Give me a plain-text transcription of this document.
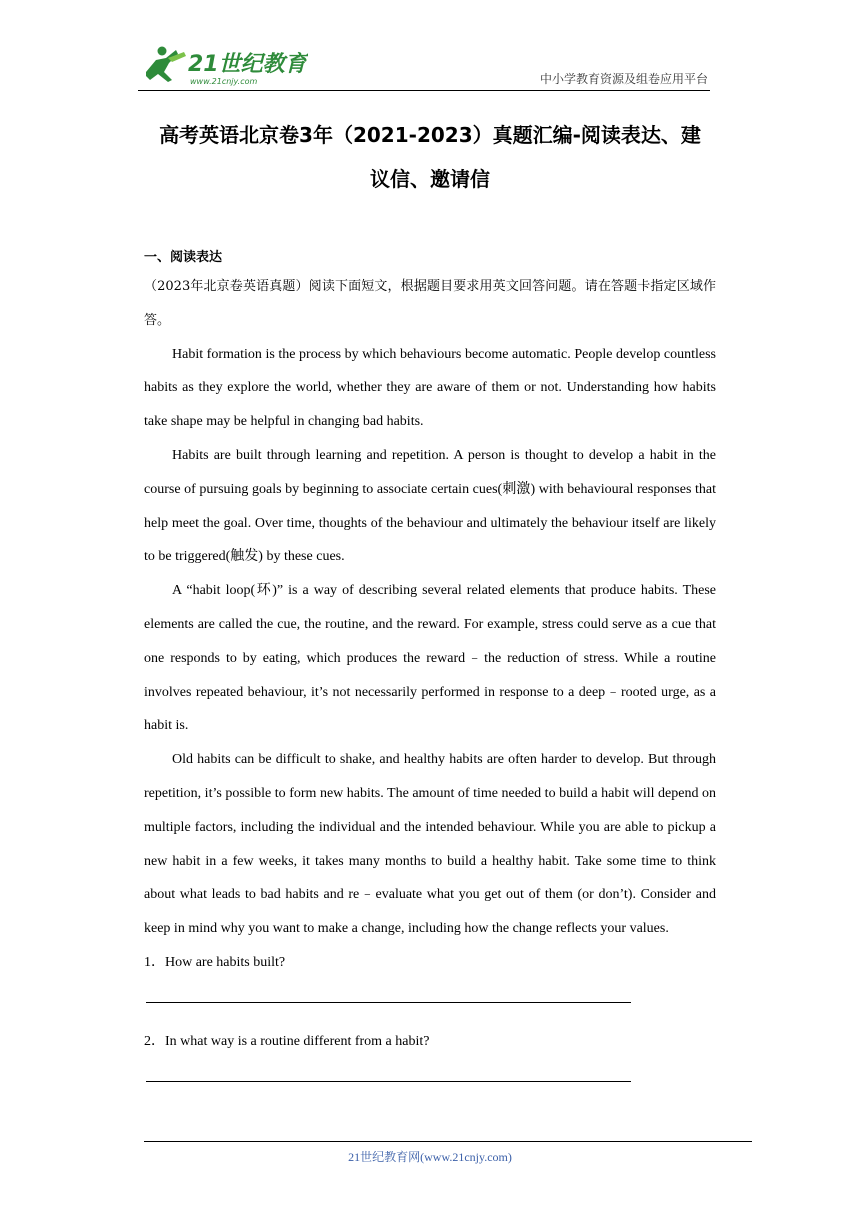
21世纪教育
www.21cnjy.com	中小学教育资源及组卷应用平台
高考英语北京卷3年（2021-2023）真题汇编-阅读表达、建
议信、邀请信
一、阅读表达

（2023年北京卷英语真题）阅读下面短文，根据题目要求用英文回答问题。请在答题卡指定区域作答。

Habit formation is the process by which behaviours become automatic. People develop countless habits as they explore the world, whether they are aware of them or not. Understanding how habits take shape may be helpful in changing bad habits.

Habits are built through learning and repetition. A person is thought to develop a habit in the course of pursuing goals by beginning to associate certain cues(刺激) with behavioural responses that help meet the goal. Over time, thoughts of the behaviour and ultimately the behaviour itself are likely to be triggered(触发) by these cues.

A “habit loop(环)” is a way of describing several related elements that produce habits. These elements are called the cue, the routine, and the reward. For example, stress could serve as a cue that one responds to by eating, which produces the reward﹣the reduction of stress. While a routine involves repeated behaviour, it’s not necessarily performed in response to a deep﹣rooted urge, as a habit is.

Old habits can be difficult to shake, and healthy habits are often harder to develop. But through repetition, it’s possible to form new habits. The amount of time needed to build a habit will depend on multiple factors, including the individual and the intended behaviour. While you are able to pickup a new habit in a few weeks, it takes many months to build a healthy habit. Take some time to think about what leads to bad habits and re﹣evaluate what you get out of them (or don’t). Consider and keep in mind why you want to make a change, including how the change reflects your values.

1．How are habits built?

2．In what way is a routine different from a habit?

21世纪教育网(www.21cnjy.com)
